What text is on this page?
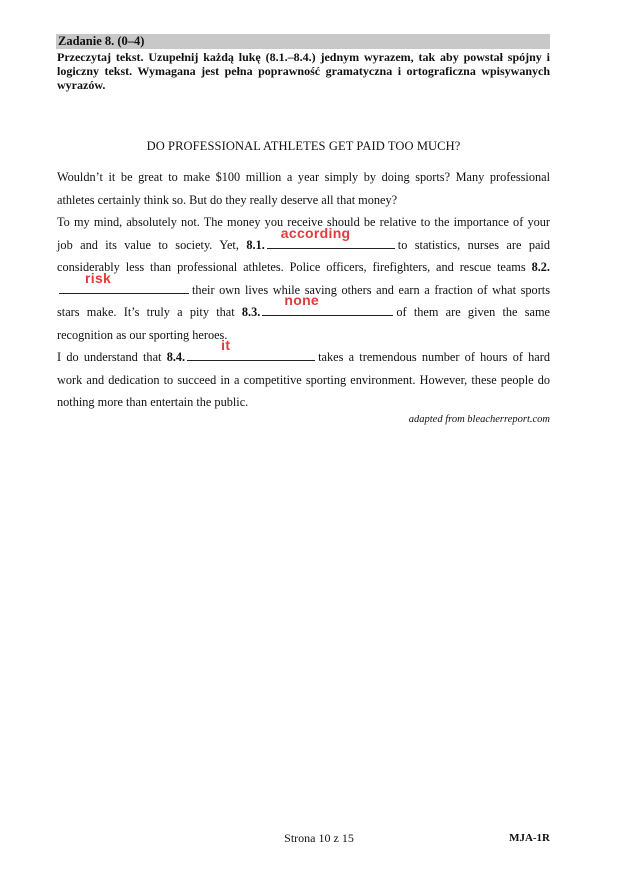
Zadanie 8. (0–4)
Przeczytaj tekst. Uzupełnij każdą lukę (8.1.–8.4.) jednym wyrazem, tak aby powstał spójny i logiczny tekst. Wymagana jest pełna poprawność gramatyczna i ortograficzna wpisywanych wyrazów.
DO PROFESSIONAL ATHLETES GET PAID TOO MUCH?

Wouldn’t it be great to make $100 million a year simply by doing sports? Many professional athletes certainly think so. But do they really deserve all that money?

To my mind, absolutely not. The money you receive should be relative to the importance of your job and its value to society. Yet, 8.1.
according
to statistics, nurses are paid considerably less than professional athletes. Police officers, firefighters, and rescue teams 8.2.
risk
their own lives while saving others and earn a fraction of what sports stars make. It’s truly a pity that 8.3.
none
of them are given the same recognition as our sporting heroes.

I do understand that 8.4.
it
takes a tremendous number of hours of hard work and dedication to succeed in a competitive sporting environment. However, these people do nothing more than entertain the public.

adapted from bleacherreport.com
Strona 10 z 15	MJA-1R
